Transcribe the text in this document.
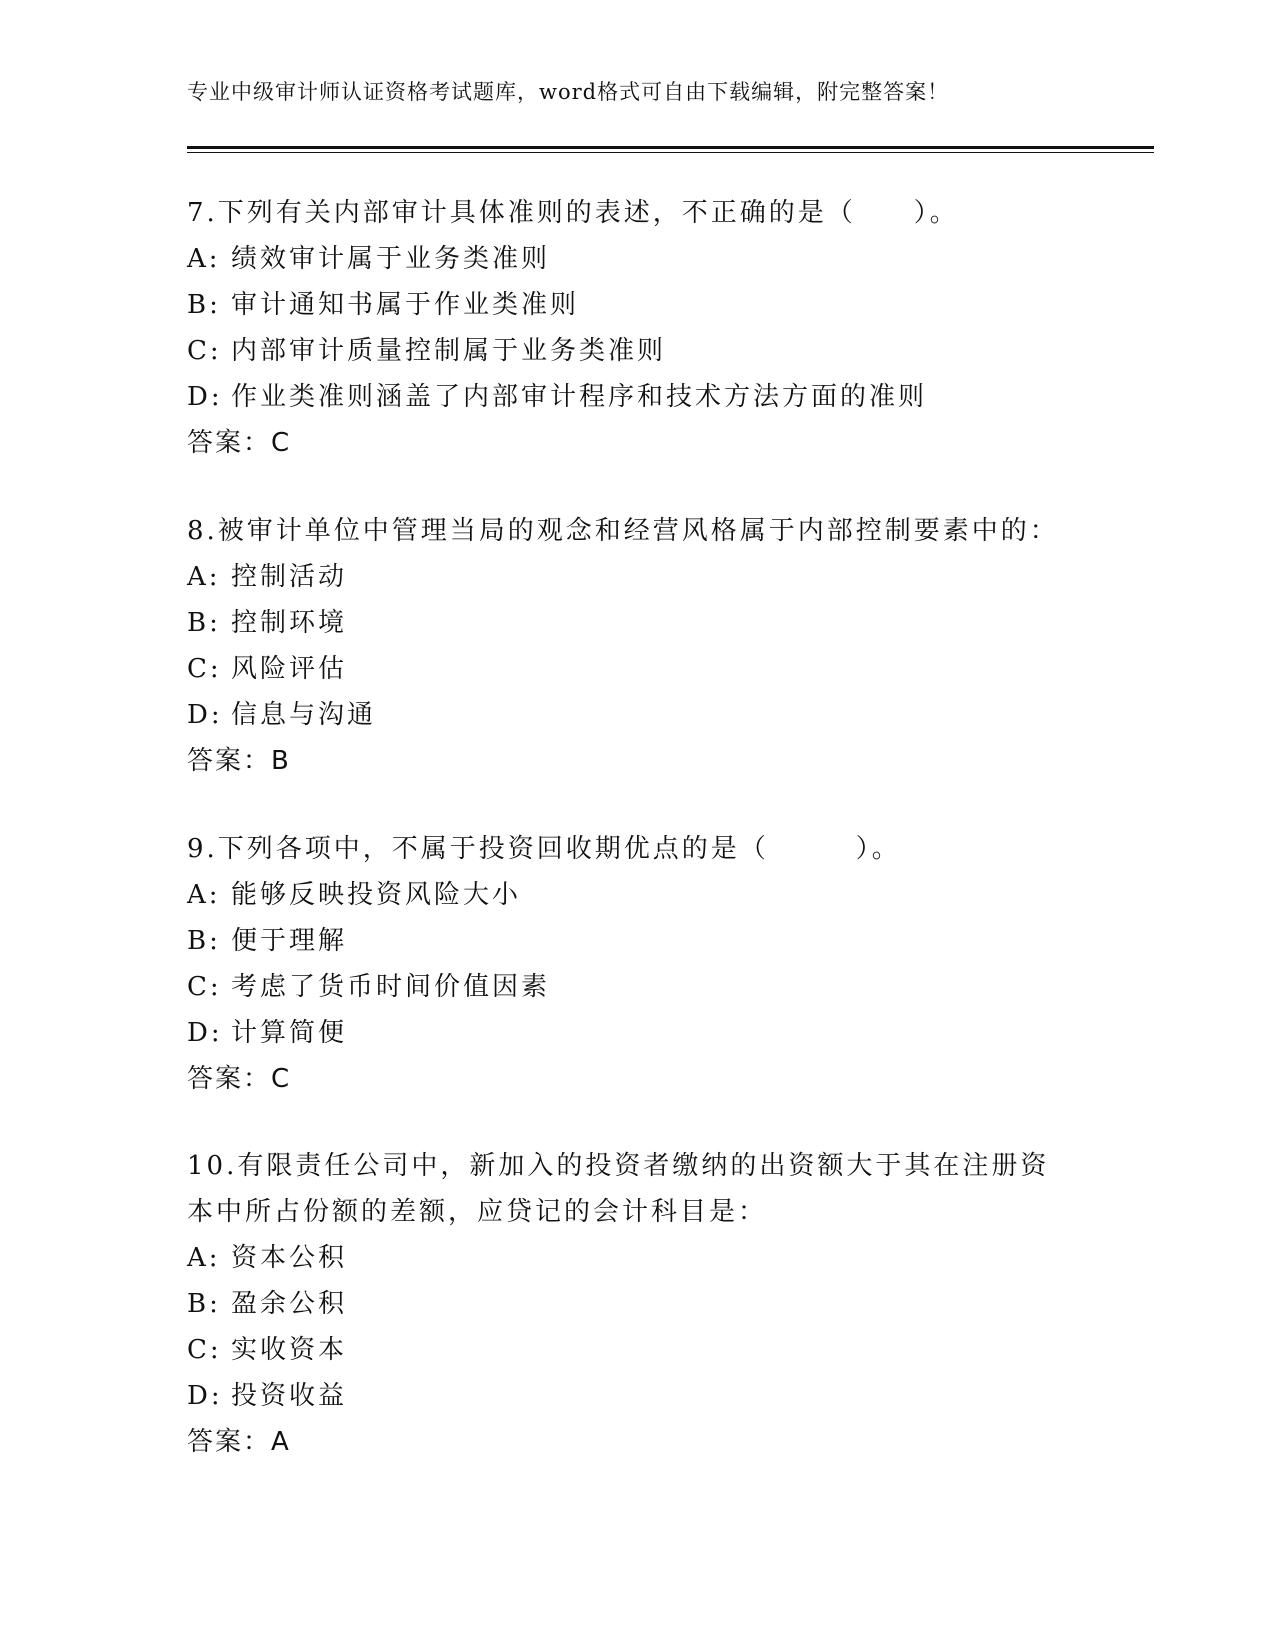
专业中级审计师认证资格考试题库，word格式可自由下载编辑，附完整答案！
7.下列有关内部审计具体准则的表述，不正确的是（　　）。
A: 绩效审计属于业务类准则
B: 审计通知书属于作业类准则
C: 内部审计质量控制属于业务类准则
D: 作业类准则涵盖了内部审计程序和技术方法方面的准则
答案：C
8.被审计单位中管理当局的观念和经营风格属于内部控制要素中的：
A: 控制活动
B: 控制环境
C: 风险评估
D: 信息与沟通
答案：B
9.下列各项中，不属于投资回收期优点的是（　　　）。
A: 能够反映投资风险大小
B: 便于理解
C: 考虑了货币时间价值因素
D: 计算简便
答案：C
10.有限责任公司中，新加入的投资者缴纳的出资额大于其在注册资本中所占份额的差额，应贷记的会计科目是：
A: 资本公积
B: 盈余公积
C: 实收资本
D: 投资收益
答案：A
